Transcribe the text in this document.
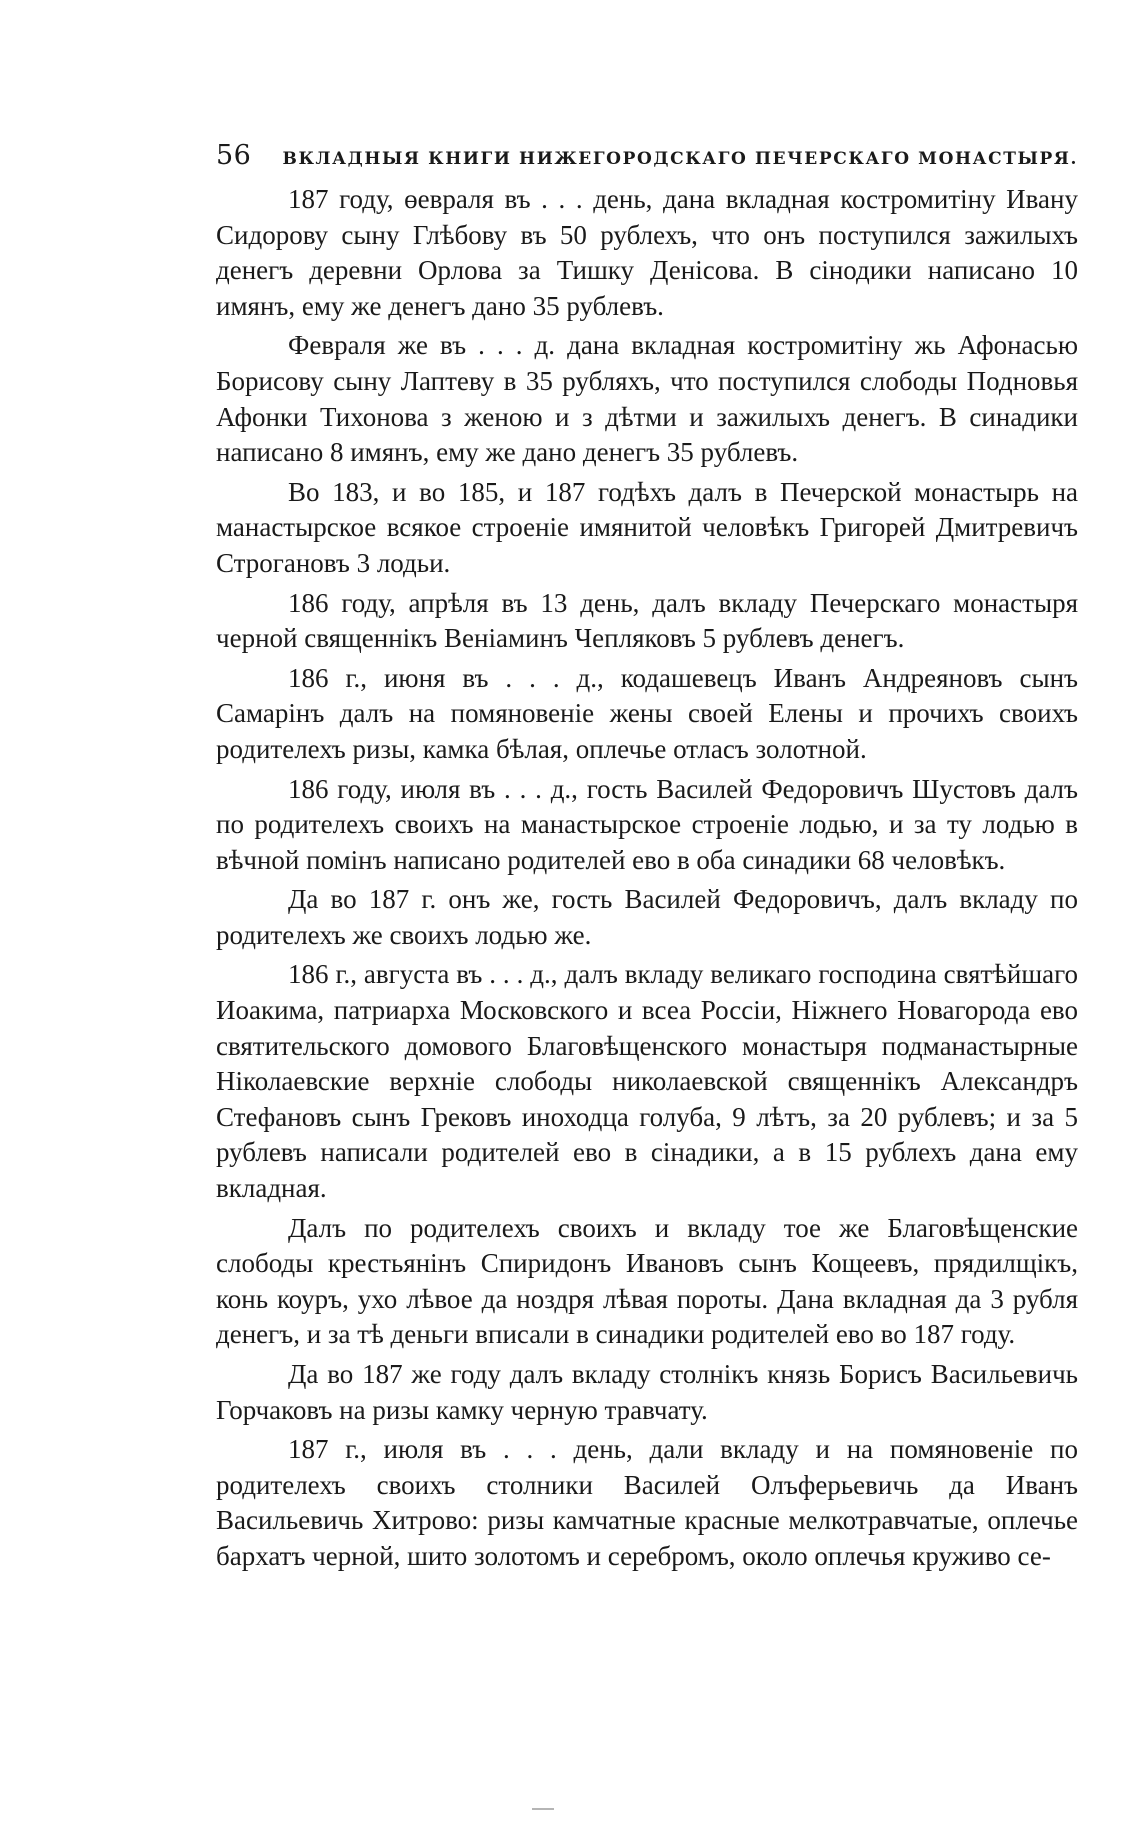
56	ВКЛАДНЫЯ КНИГИ НИЖЕГОРОДСКАГО ПЕЧЕРСКАГО МОНАСТЫРЯ.

187 году, өевраля въ . . . день, дана вкладная костромитіну Ивану Сидорову сыну Глѣбову въ 50 рублехъ, что онъ поступился зажилыхъ денегъ деревни Орлова за Тишку Денісова. В сінодики написано 10 имянъ, ему же денегъ дано 35 рублевъ.

Февраля же въ . . . д. дана вкладная костромитіну жь Афонасью Борисову сыну Лаптеву в 35 рубляхъ, что поступился слободы Подновья Афонки Тихонова з женою и з дѣтми и зажилыхъ денегъ. В синадики написано 8 имянъ, ему же дано денегъ 35 рублевъ.

Во 183, и во 185, и 187 годѣхъ далъ в Печерской монастырь на манастырское всякое строеніе имянитой человѣкъ Григорей Дмитревичъ Строгановъ 3 лодьи.

186 году, апрѣля въ 13 день, далъ вкладу Печерскаго монастыря черной священнікъ Веніаминъ Чепляковъ 5 рублевъ денегъ.

186 г., июня въ . . . д., кодашевецъ Иванъ Андреяновъ сынъ Самарінъ далъ на помяновеніе жены своей Елены и прочихъ своихъ родителехъ ризы, камка бѣлая, оплечье отласъ золотной.

186 году, июля въ . . . д., гость Василей Федоровичъ Шустовъ далъ по родителехъ своихъ на манастырское строеніе лодью, и за ту лодью в вѣчной помінъ написано родителей ево в оба синадики 68 человѣкъ.

Да во 187 г. онъ же, гость Василей Федоровичъ, далъ вкладу по родителехъ же своихъ лодью же.

186 г., августа въ . . . д., далъ вкладу великаго господина святѣйшаго Иоакима, патриарха Московского и всеа Россіи, Ніжнего Новагорода ево святительского домового Благовѣщенского монастыря подманастырные Ніколаевские верхніе слободы николаевской священнікъ Александръ Стефановъ сынъ Грековъ иноходца голуба, 9 лѣтъ, за 20 рублевъ; и за 5 рублевъ написали родителей ево в сінадики, а в 15 рублехъ дана ему вкладная.

Далъ по родителехъ своихъ и вкладу тое же Благовѣщенские слободы крестьянінъ Спиридонъ Ивановъ сынъ Кощеевъ, прядилщікъ, конь коуръ, ухо лѣвое да ноздря лѣвая пороты. Дана вкладная да 3 рубля денегъ, и за тѣ деньги вписали в синадики родителей ево во 187 году.

Да во 187 же году далъ вкладу столнікъ князь Борисъ Васильевичь Горчаковъ на ризы камку черную травчату.

187 г., июля въ . . . день, дали вкладу и на помяновеніе по родителехъ своихъ столники Василей Олъферьевичь да Иванъ Васильевичь Хитрово: ризы камчатные красные мелкотравчатые, оплечье бархатъ черной, шито золотомъ и серебромъ, около оплечья круживо се-
